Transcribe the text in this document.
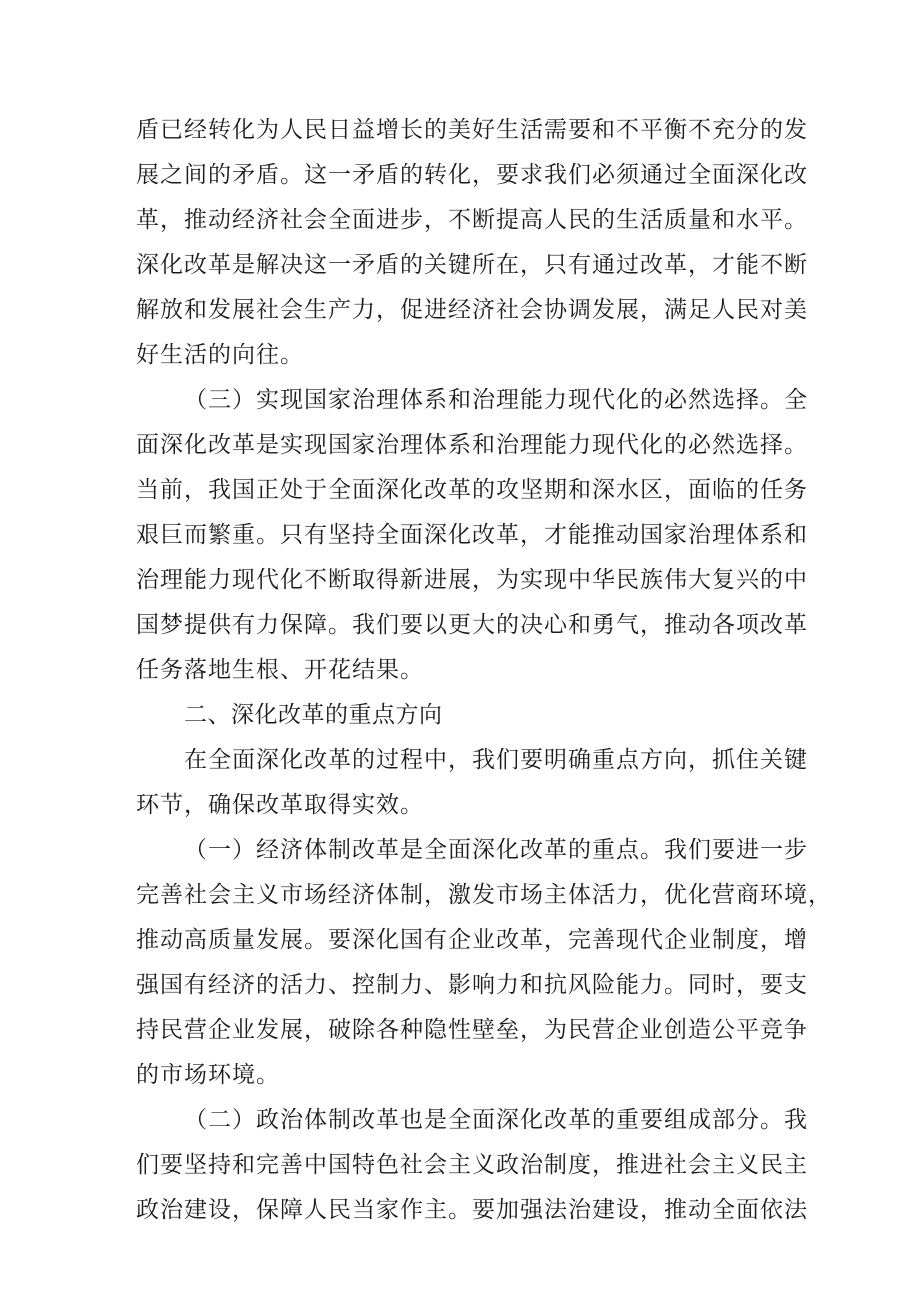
盾已经转化为人民日益增长的美好生活需要和不平衡不充分的发
展之间的矛盾。这一矛盾的转化，要求我们必须通过全面深化改
革，推动经济社会全面进步，不断提高人民的生活质量和水平。
深化改革是解决这一矛盾的关键所在，只有通过改革，才能不断
解放和发展社会生产力，促进经济社会协调发展，满足人民对美
好生活的向往。
（三）实现国家治理体系和治理能力现代化的必然选择。全
面深化改革是实现国家治理体系和治理能力现代化的必然选择。
当前，我国正处于全面深化改革的攻坚期和深水区，面临的任务
艰巨而繁重。只有坚持全面深化改革，才能推动国家治理体系和
治理能力现代化不断取得新进展，为实现中华民族伟大复兴的中
国梦提供有力保障。我们要以更大的决心和勇气，推动各项改革
任务落地生根、开花结果。
二、深化改革的重点方向
在全面深化改革的过程中，我们要明确重点方向，抓住关键
环节，确保改革取得实效。
（一）经济体制改革是全面深化改革的重点。我们要进一步
完善社会主义市场经济体制，激发市场主体活力，优化营商环境，
推动高质量发展。要深化国有企业改革，完善现代企业制度，增
强国有经济的活力、控制力、影响力和抗风险能力。同时，要支
持民营企业发展，破除各种隐性壁垒，为民营企业创造公平竞争
的市场环境。
（二）政治体制改革也是全面深化改革的重要组成部分。我
们要坚持和完善中国特色社会主义政治制度，推进社会主义民主
政治建设，保障人民当家作主。要加强法治建设，推动全面依法
